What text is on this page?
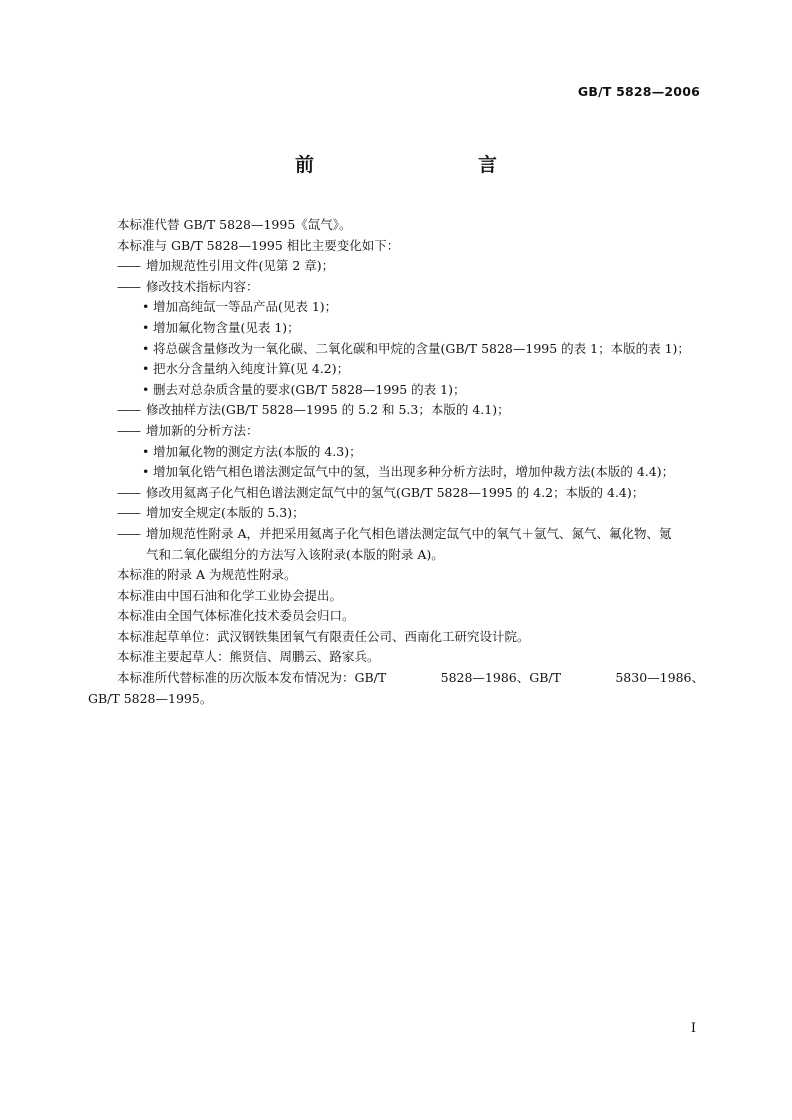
GB/T 5828—2006
前　　言
本标准代替 GB/T 5828—1995《氙气》。
本标准与 GB/T 5828—1995 相比主要变化如下：
—— 增加规范性引用文件(见第 2 章)；
—— 修改技术指标内容：
• 增加高纯氙一等品产品(见表 1)；
• 增加氟化物含量(见表 1)；
• 将总碳含量修改为一氧化碳、二氧化碳和甲烷的含量(GB/T 5828—1995 的表 1；本版的表 1)；
• 把水分含量纳入纯度计算(见 4.2)；
• 删去对总杂质含量的要求(GB/T 5828—1995 的表 1)；
—— 修改抽样方法(GB/T 5828—1995 的 5.2 和 5.3；本版的 4.1)；
—— 增加新的分析方法：
• 增加氟化物的测定方法(本版的 4.3)；
• 增加氧化锆气相色谱法测定氙气中的氢，当出现多种分析方法时，增加仲裁方法(本版的 4.4)；
—— 修改用氦离子化气相色谱法测定氙气中的氢气(GB/T 5828—1995 的 4.2；本版的 4.4)；
—— 增加安全规定(本版的 5.3)；
—— 增加规范性附录 A，并把采用氦离子化气相色谱法测定氙气中的氧气＋氩气、氮气、氟化物、氪
气和二氧化碳组分的方法写入该附录(本版的附录 A)。
本标准的附录 A 为规范性附录。
本标准由中国石油和化学工业协会提出。
本标准由全国气体标准化技术委员会归口。
本标准起草单位：武汉钢铁集团氧气有限责任公司、西南化工研究设计院。
本标准主要起草人：熊贤信、周鹏云、路家兵。
本标准所代替标准的历次版本发布情况为：GB/T	5828—1986、GB/T	5830—1986、
GB/T 5828—1995。
I
